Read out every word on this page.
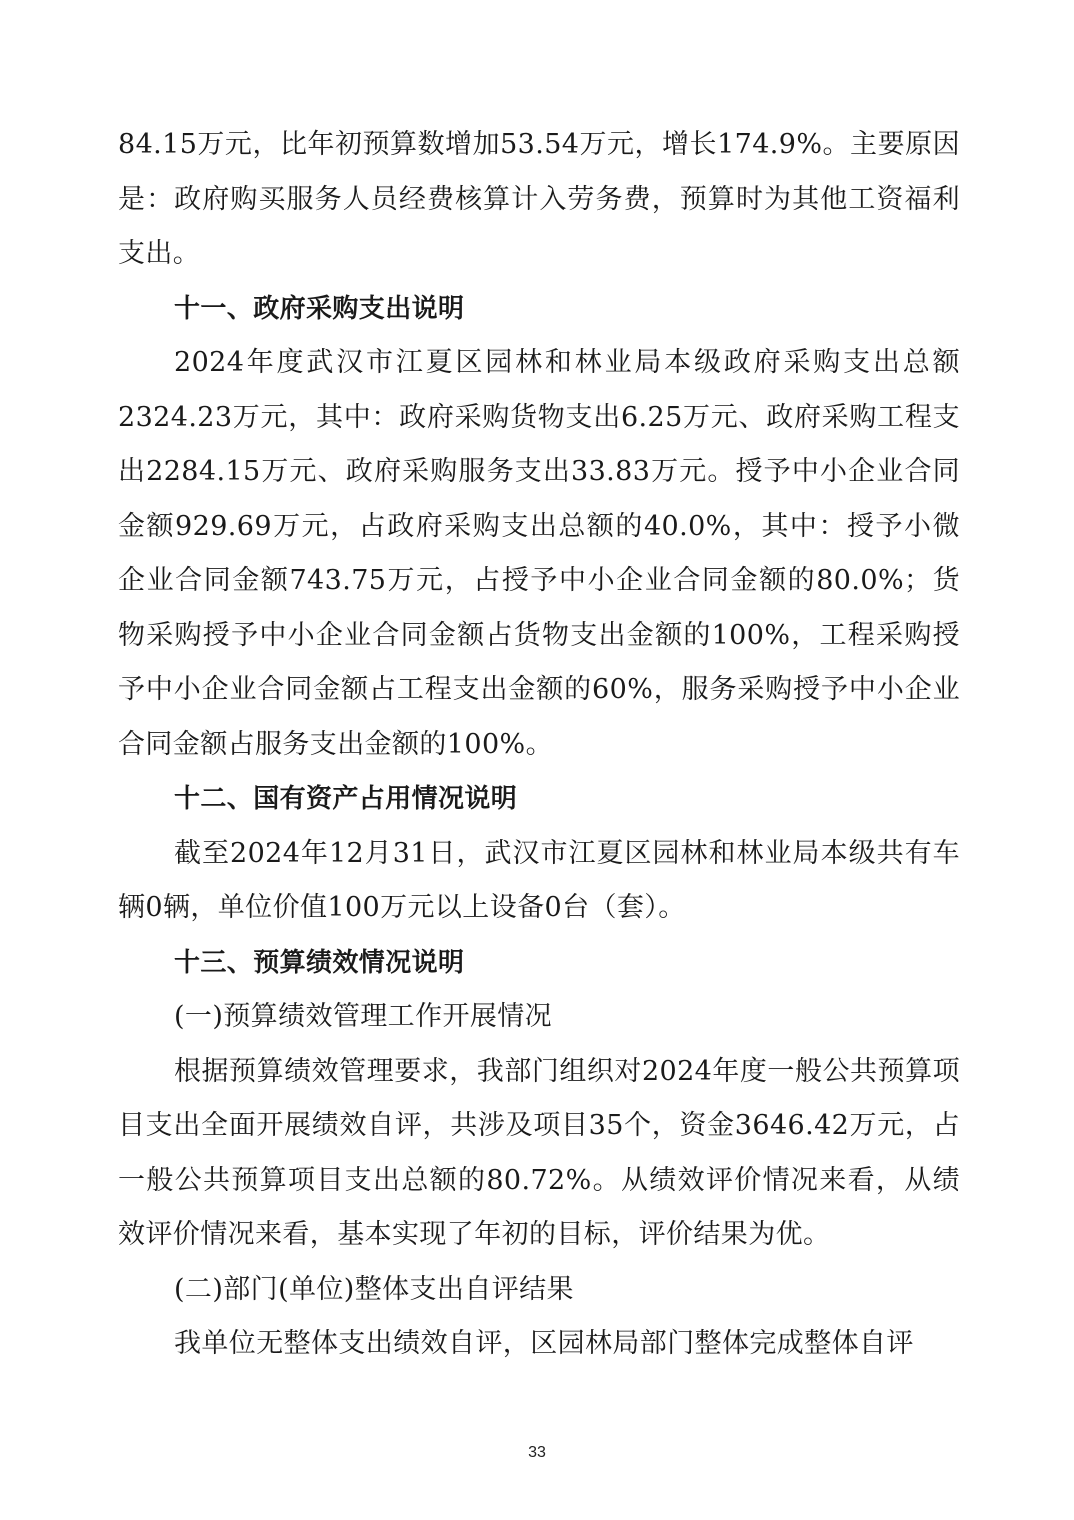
84.15万元，比年初预算数增加53.54万元，增长174.9%。主要原因是：政府购买服务人员经费核算计入劳务费，预算时为其他工资福利支出。

十一、政府采购支出说明

2024年度武汉市江夏区园林和林业局本级政府采购支出总额2324.23万元，其中：政府采购货物支出6.25万元、政府采购工程支出2284.15万元、政府采购服务支出33.83万元。授予中小企业合同金额929.69万元，占政府采购支出总额的40.0%，其中：授予小微企业合同金额743.75万元，占授予中小企业合同金额的80.0%；货物采购授予中小企业合同金额占货物支出金额的100%，工程采购授予中小企业合同金额占工程支出金额的60%，服务采购授予中小企业合同金额占服务支出金额的100%。

十二、国有资产占用情况说明

截至2024年12月31日，武汉市江夏区园林和林业局本级共有车辆0辆，单位价值100万元以上设备0台（套）。

十三、预算绩效情况说明

(一)预算绩效管理工作开展情况

根据预算绩效管理要求，我部门组织对2024年度一般公共预算项目支出全面开展绩效自评，共涉及项目35个，资金3646.42万元，占一般公共预算项目支出总额的80.72%。从绩效评价情况来看，从绩效评价情况来看，基本实现了年初的目标，评价结果为优。

(二)部门(单位)整体支出自评结果

我单位无整体支出绩效自评，区园林局部门整体完成整体自评

33
